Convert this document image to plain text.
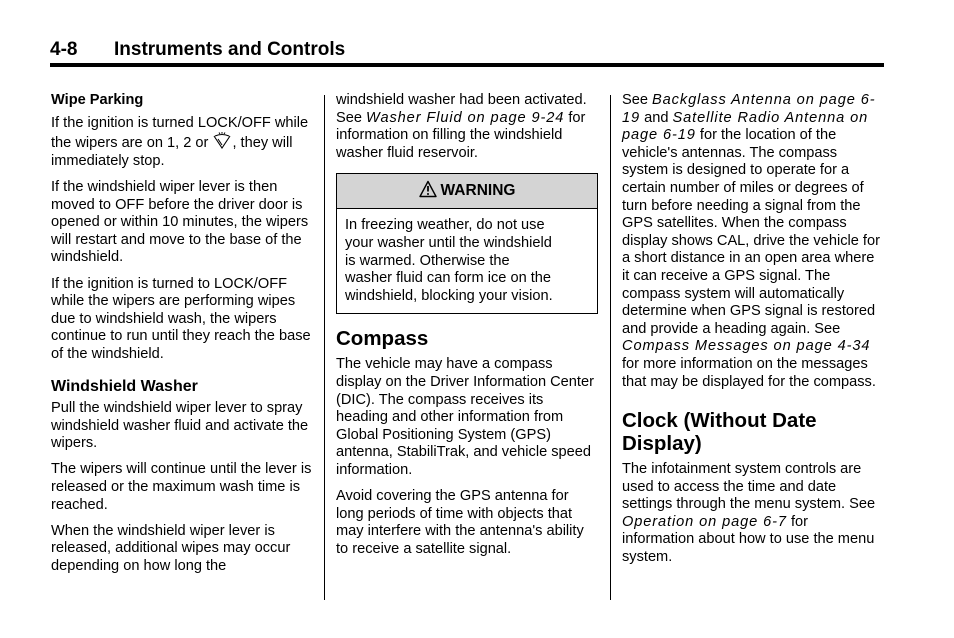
4-8 Instruments and Controls
Wipe Parking

If the ignition is turned LOCK/OFF while the wipers are on 1, 2 or , they will immediately stop.

If the windshield wiper lever is then moved to OFF before the driver door is opened or within 10 minutes, the wipers will restart and move to the base of the windshield.

If the ignition is turned to LOCK/OFF while the wipers are performing wipes due to windshield wash, the wipers continue to run until they reach the base of the windshield.

Windshield Washer

Pull the windshield wiper lever to spray windshield washer fluid and activate the wipers.

The wipers will continue until the lever is released or the maximum wash time is reached.

When the windshield wiper lever is released, additional wipes may occur depending on how long the

windshield washer had been activated. See Washer Fluid on page 9-24 for information on filling the windshield washer fluid reservoir.

WARNING
In freezing weather, do not use
your washer until the windshield
is warmed. Otherwise the
washer fluid can form ice on the
windshield, blocking your vision.
Compass

The vehicle may have a compass display on the Driver Information Center (DIC). The compass receives its heading and other information from Global Positioning System (GPS) antenna, StabiliTrak, and vehicle speed information.

Avoid covering the GPS antenna for long periods of time with objects that may interfere with the antenna's ability to receive a satellite signal.

See Backglass Antenna on page 6-19 and Satellite Radio Antenna on page 6-19 for the location of the vehicle's antennas. The compass system is designed to operate for a certain number of miles or degrees of turn before needing a signal from the GPS satellites. When the compass display shows CAL, drive the vehicle for a short distance in an open area where it can receive a GPS signal. The compass system will automatically determine when GPS signal is restored and provide a heading again. See Compass Messages on page 4-34 for more information on the messages that may be displayed for the compass.

Clock (Without Date Display)

The infotainment system controls are used to access the time and date settings through the menu system. See Operation on page 6-7 for information about how to use the menu system.
